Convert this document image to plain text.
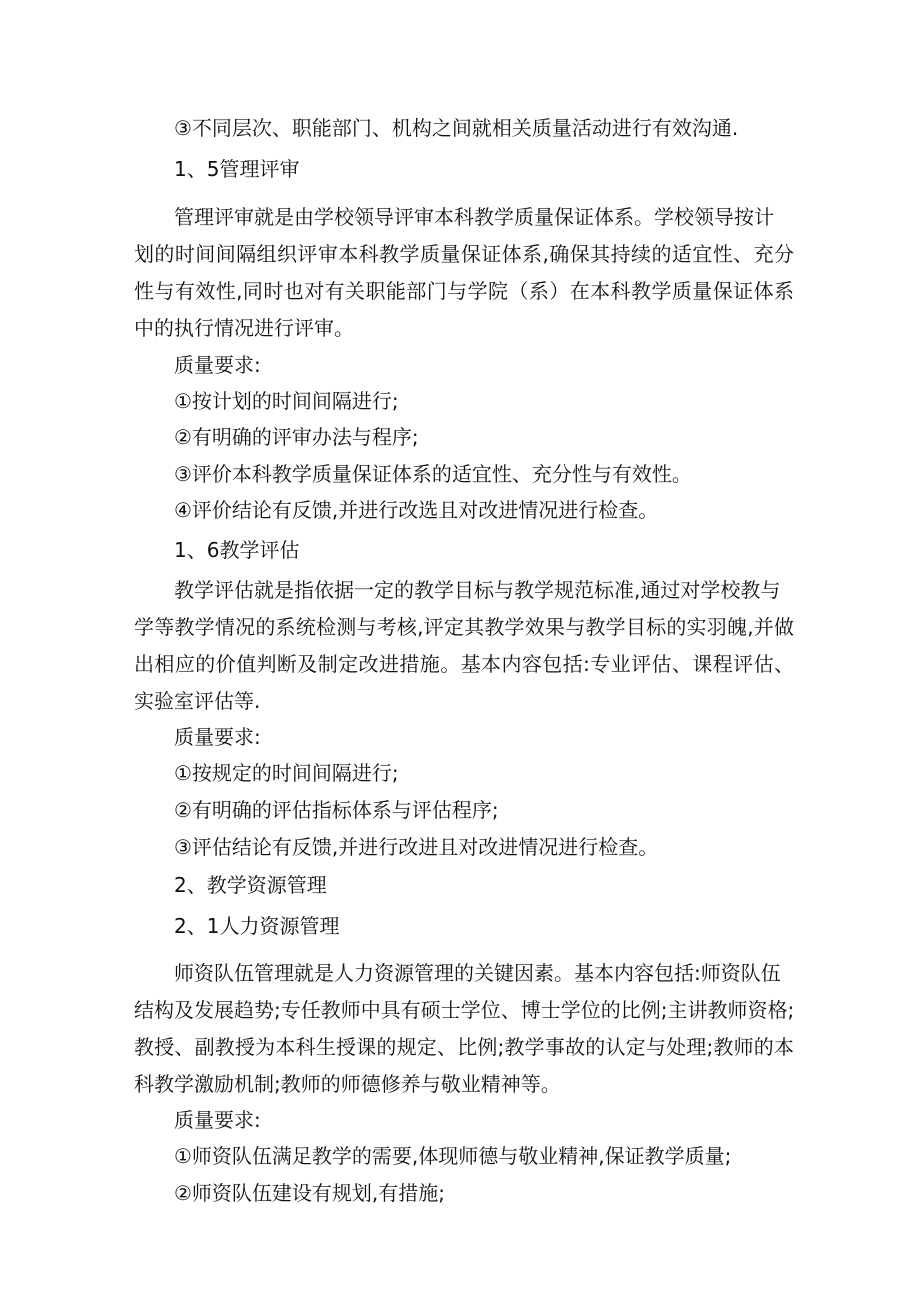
③不同层次、职能部门、机构之间就相关质量活动进行有效沟通.
1、5管理评审
管理评审就是由学校领导评审本科教学质量保证体系。学校领导按计
划的时间间隔组织评审本科教学质量保证体系,确保其持续的适宜性、充分
性与有效性,同时也对有关职能部门与学院（系）在本科教学质量保证体系
中的执行情况进行评审。
质量要求:
①按计划的时间间隔进行;
②有明确的评审办法与程序;
③评价本科教学质量保证体系的适宜性、充分性与有效性。
④评价结论有反馈,并进行改选且对改进情况进行检查。
1、6教学评估
教学评估就是指依据一定的教学目标与教学规范标准,通过对学校教与
学等教学情况的系统检测与考核,评定其教学效果与教学目标的实羽魄,并做
出相应的价值判断及制定改进措施。基本内容包括:专业评估、课程评估、
实验室评估等.
质量要求:
①按规定的时间间隔进行;
②有明确的评估指标体系与评估程序;
③评估结论有反馈,并进行改进且对改进情况进行检查。
2、教学资源管理
2、1人力资源管理
师资队伍管理就是人力资源管理的关键因素。基本内容包括:师资队伍
结构及发展趋势;专任教师中具有硕士学位、博士学位的比例;主讲教师资格;
教授、副教授为本科生授课的规定、比例;教学事故的认定与处理;教师的本
科教学激励机制;教师的师德修养与敬业精神等。
质量要求:
①师资队伍满足教学的需要,体现师德与敬业精神,保证教学质量;
②师资队伍建设有规划,有措施;
